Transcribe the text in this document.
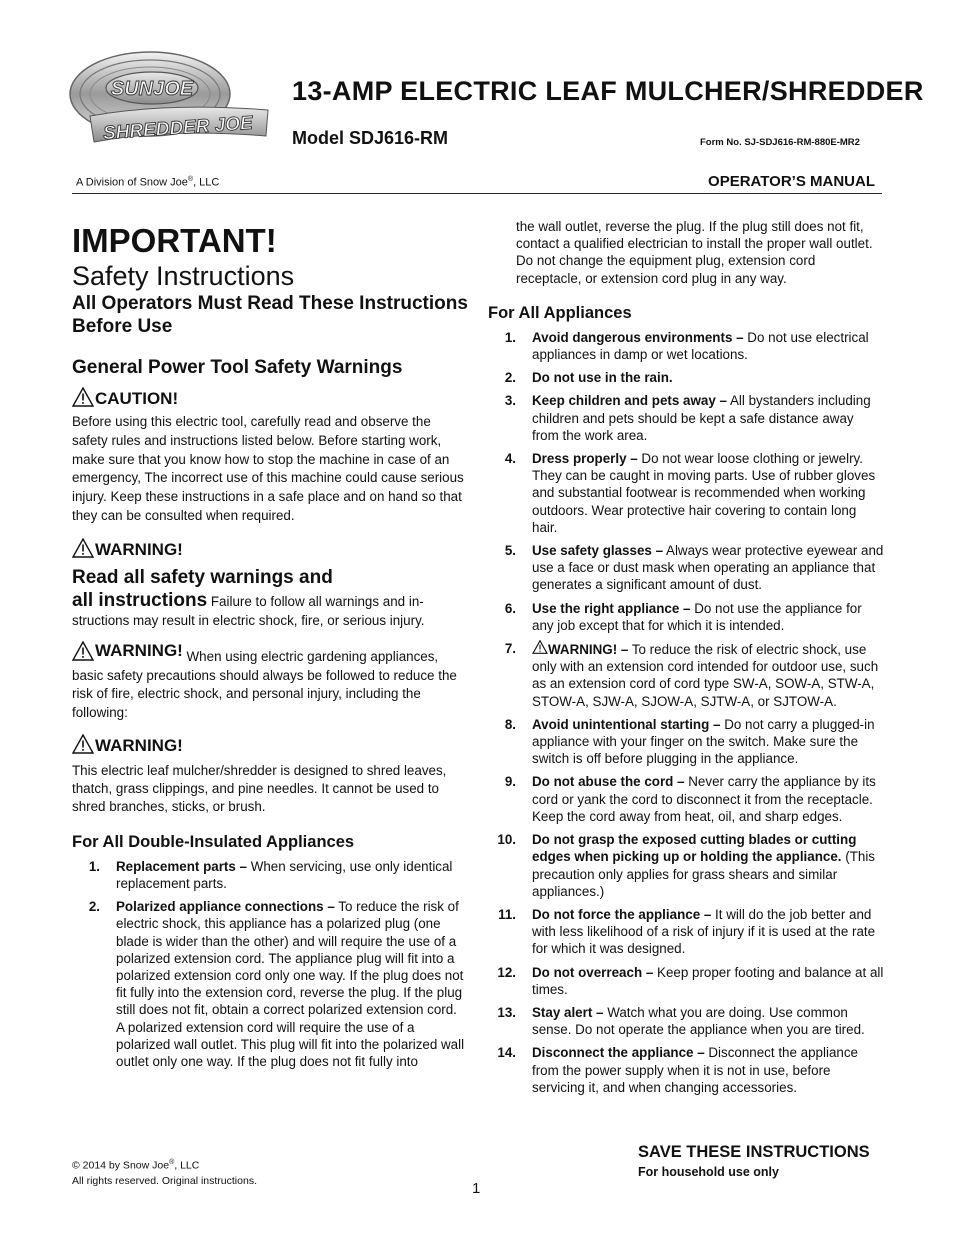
SUNJOE
SHREDDER JOE
13-AMP ELECTRIC LEAF MULCHER/SHREDDER
Model SDJ616-RM	Form No. SJ-SDJ616-RM-880E-MR2
A Division of Snow Joe®, LLC	OPERATOR’S MANUAL

IMPORTANT!

Safety Instructions

All Operators Must Read These Instructions Before Use

General Power Tool Safety Warnings

CAUTION!

Before using this electric tool, carefully read and observe the safety rules and instructions listed below. Before starting work, make sure that you know how to stop the machine in case of an emergency, The incorrect use of this machine could cause serious injury. Keep these instructions in a safe place and on hand so that they can be consulted when required.

WARNING!

Read all safety warnings and

all instructions Failure to follow all warnings and in-structions may result in electric shock, fire, or serious injury.

WARNING! When using electric gardening appliances, basic safety precautions should always be followed to reduce the risk of fire, electric shock, and personal injury, including the following:

WARNING!

This electric leaf mulcher/shredder is designed to shred leaves, thatch, grass clippings, and pine needles. It cannot be used to shred branches, sticks, or brush.

For All Double-Insulated Appliances

1.	Replacement parts – When servicing, use only identical replacement parts.
2.	Polarized appliance connections – To reduce the risk of electric shock, this appliance has a polarized plug (one blade is wider than the other) and will require the use of a polarized extension cord. The appliance plug will fit into a polarized extension cord only one way. If the plug does not fit fully into the extension cord, reverse the plug. If the plug still does not fit, obtain a correct polarized extension cord. A polarized extension cord will require the use of a polarized wall outlet. This plug will fit into the polarized wall outlet only one way. If the plug does not fit fully into

the wall outlet, reverse the plug. If the plug still does not fit, contact a qualified electrician to install the proper wall outlet. Do not change the equipment plug, extension cord receptacle, or extension cord plug in any way.

For All Appliances

1.	Avoid dangerous environments – Do not use electrical appliances in damp or wet locations.
2.	Do not use in the rain.
3.	Keep children and pets away – All bystanders including children and pets should be kept a safe distance away from the work area.
4.	Dress properly – Do not wear loose clothing or jewelry. They can be caught in moving parts. Use of rubber gloves and substantial footwear is recommended when working outdoors. Wear protective hair covering to contain long hair.
5.	Use safety glasses – Always wear protective eyewear and use a face or dust mask when operating an appliance that generates a significant amount of dust.
6.	Use the right appliance – Do not use the appliance for any job except that for which it is intended.
7.	WARNING! – To reduce the risk of electric shock, use only with an extension cord intended for outdoor use, such as an extension cord of cord type SW-A, SOW-A, STW-A, STOW-A, SJW-A, SJOW-A, SJTW-A, or SJTOW-A.
8.	Avoid unintentional starting – Do not carry a plugged-in appliance with your finger on the switch. Make sure the switch is off before plugging in the appliance.
9.	Do not abuse the cord – Never carry the appliance by its cord or yank the cord to disconnect it from the receptacle. Keep the cord away from heat, oil, and sharp edges.
10.	Do not grasp the exposed cutting blades or cutting edges when picking up or holding the appliance. (This precaution only applies for grass shears and similar appliances.)
11.	Do not force the appliance – It will do the job better and with less likelihood of a risk of injury if it is used at the rate for which it was designed.
12.	Do not overreach – Keep proper footing and balance at all times.
13.	Stay alert – Watch what you are doing. Use common sense. Do not operate the appliance when you are tired.
14.	Disconnect the appliance – Disconnect the appliance from the power supply when it is not in use, before servicing it, and when changing accessories.
SAVE THESE INSTRUCTIONS
For household use only
© 2014 by Snow Joe®, LLC
All rights reserved. Original instructions.	1
